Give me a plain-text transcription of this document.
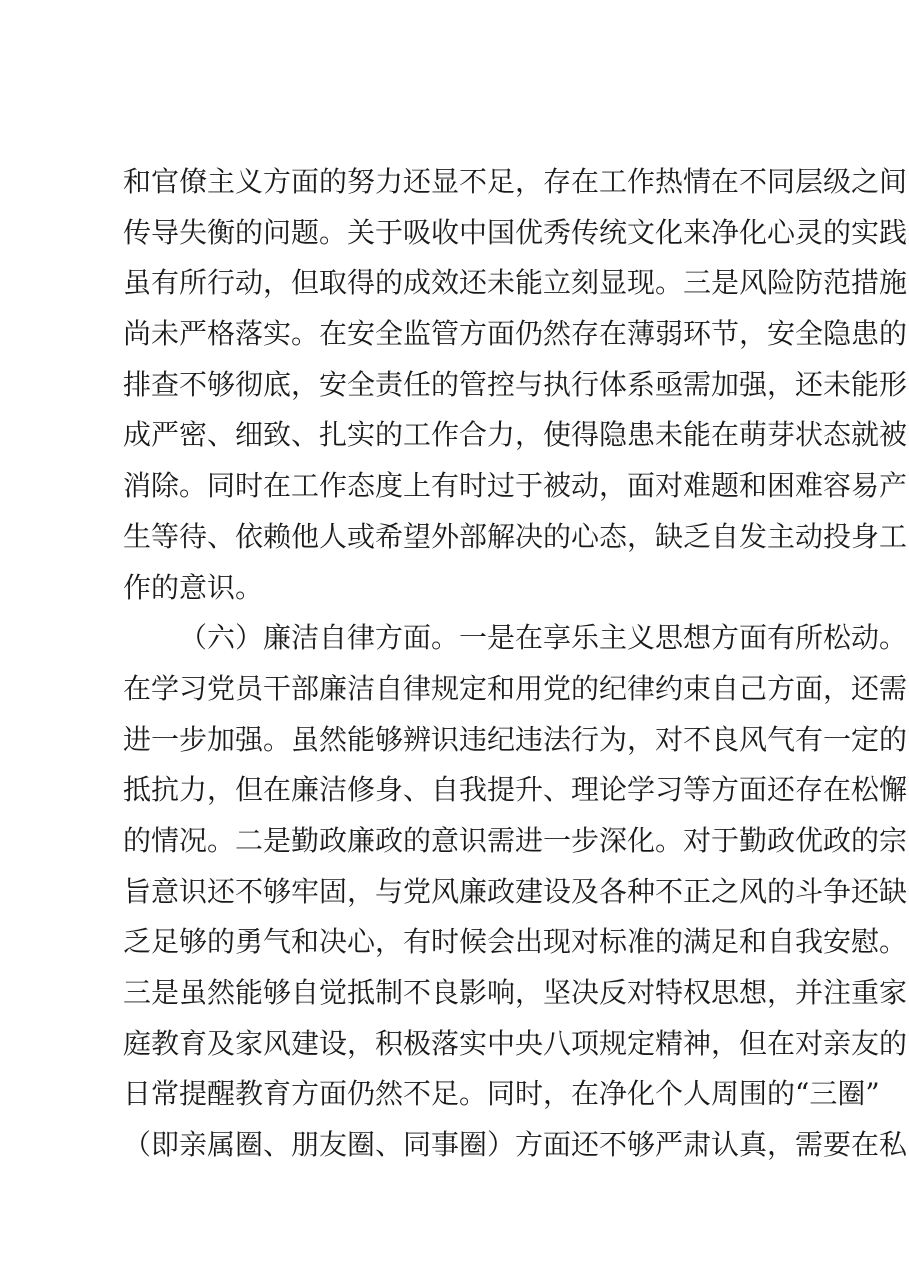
和官僚主义方面的努力还显不足，存在工作热情在不同层级之间
传导失衡的问题。关于吸收中国优秀传统文化来净化心灵的实践
虽有所行动，但取得的成效还未能立刻显现。三是风险防范措施
尚未严格落实。在安全监管方面仍然存在薄弱环节，安全隐患的
排查不够彻底，安全责任的管控与执行体系亟需加强，还未能形
成严密、细致、扎实的工作合力，使得隐患未能在萌芽状态就被
消除。同时在工作态度上有时过于被动，面对难题和困难容易产
生等待、依赖他人或希望外部解决的心态，缺乏自发主动投身工
作的意识。
（六）廉洁自律方面。一是在享乐主义思想方面有所松动。
在学习党员干部廉洁自律规定和用党的纪律约束自己方面，还需
进一步加强。虽然能够辨识违纪违法行为，对不良风气有一定的
抵抗力，但在廉洁修身、自我提升、理论学习等方面还存在松懈
的情况。二是勤政廉政的意识需进一步深化。对于勤政优政的宗
旨意识还不够牢固，与党风廉政建设及各种不正之风的斗争还缺
乏足够的勇气和决心，有时候会出现对标准的满足和自我安慰。
三是虽然能够自觉抵制不良影响，坚决反对特权思想，并注重家
庭教育及家风建设，积极落实中央八项规定精神，但在对亲友的
日常提醒教育方面仍然不足。同时，在净化个人周围的“三圈”
（即亲属圈、朋友圈、同事圈）方面还不够严肃认真，需要在私
